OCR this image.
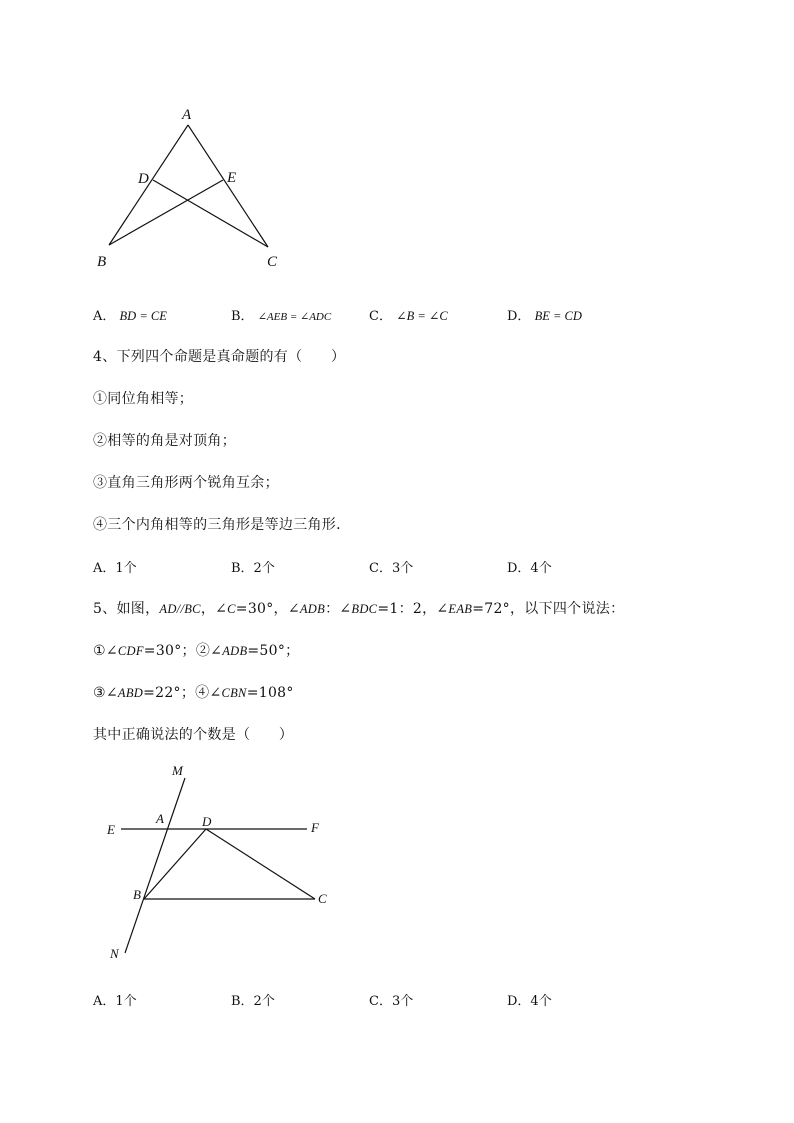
A
D	E
B	C
A． BD = CE	B． ∠AEB = ∠ADC	C． ∠B = ∠C	D． BE = CD
4、下列四个命题是真命题的有（　　）
①同位角相等；
②相等的角是对顶角；
③直角三角形两个锐角互余；
④三个内角相等的三角形是等边三角形．
A．1个	B．2个	C．3个	D．4个
5、如图，AD//BC，∠C=30°，∠ADB：∠BDC=1：2，∠EAB=72°，以下四个说法：
①∠CDF=30°；②∠ADB=50°；
③∠ABD=22°；④∠CBN=108°
其中正确说法的个数是（　　）
M
A	D
E	F
B	C
N
A．1个	B．2个	C．3个	D．4个
